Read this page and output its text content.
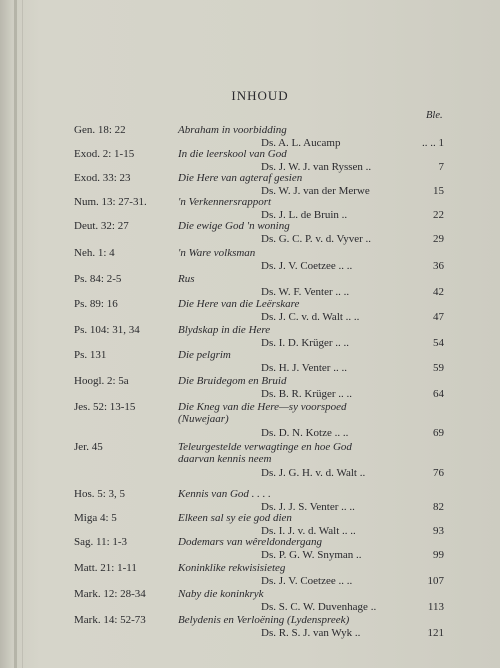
INHOUD
Ble.
Gen. 18: 22	Abraham in voorbidding
Ds. A. L. Aucamp	.. .. 1
Exod. 2: 1-15	In die leerskool van God
Ds. J. W. J. van Ryssen ..	7
Exod. 33: 23	Die Here van agteraf gesien
Ds. W. J. van der Merwe	15
Num. 13: 27-31.	'n Verkennersrapport
Ds. J. L. de Bruin ..	22
Deut. 32: 27	Die ewige God 'n woning
Ds. G. C. P. v. d. Vyver ..	29
Neh. 1: 4	'n Ware volksman
Ds. J. V. Coetzee .. ..	36
Ps. 84: 2-5	Rus
Ds. W. F. Venter .. ..	42
Ps. 89: 16	Die Here van die Leërskare
Ds. J. C. v. d. Walt .. ..	47
Ps. 104: 31, 34	Blydskap in die Here
Ds. I. D. Krüger .. ..	54
Ps. 131	Die pelgrim
Ds. H. J. Venter .. ..	59
Hoogl. 2: 5a	Die Bruidegom en Bruid
Ds. B. R. Krüger .. ..	64
Jes. 52: 13-15	Die Kneg van die Here—sy voorspoed
(Nuwejaar)
Ds. D. N. Kotze .. ..	69
Jer. 45	Teleurgestelde verwagtinge en hoe God
daarvan kennis neem
Ds. J. G. H. v. d. Walt ..	76
Hos. 5: 3, 5	Kennis van God . . . .
Ds. J. J. S. Venter .. ..	82
Miga 4: 5	Elkeen sal sy eie god dien
Ds. I. J. v. d. Walt .. ..	93
Sag. 11: 1-3	Dodemars van wêreldondergang
Ds. P. G. W. Snyman ..	99
Matt. 21: 1-11	Koninklike rekwisisieteg
Ds. J. V. Coetzee .. ..	107
Mark. 12: 28-34	Naby die koninkryk
Ds. S. C. W. Duvenhage ..	113
Mark. 14: 52-73	Belydenis en Verloëning (Lydenspreek)
Ds. R. S. J. van Wyk ..	121
